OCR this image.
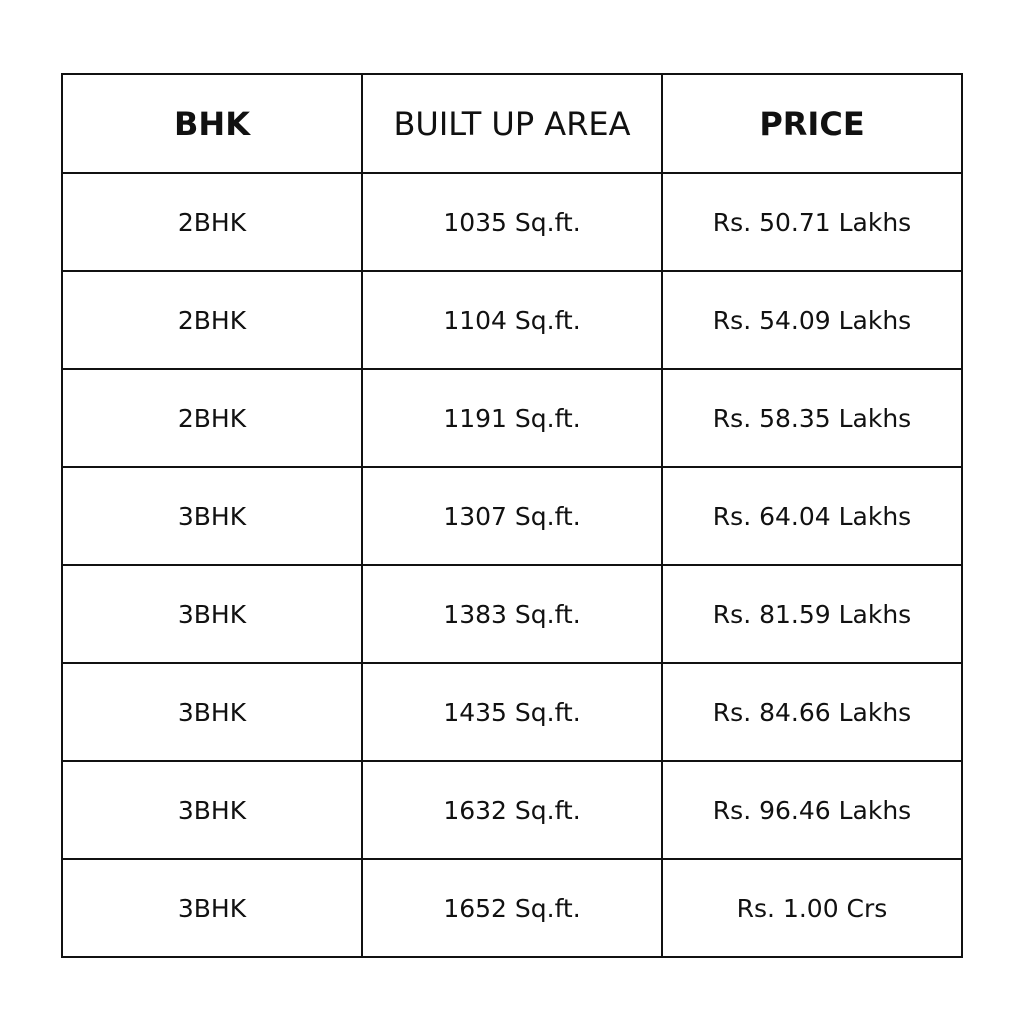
BHK	BUILT UP AREA	PRICE
2BHK	1035 Sq.ft.	Rs. 50.71 Lakhs
2BHK	1104 Sq.ft.	Rs. 54.09 Lakhs
2BHK	1191 Sq.ft.	Rs. 58.35 Lakhs
3BHK	1307 Sq.ft.	Rs. 64.04 Lakhs
3BHK	1383 Sq.ft.	Rs. 81.59 Lakhs
3BHK	1435 Sq.ft.	Rs. 84.66 Lakhs
3BHK	1632 Sq.ft.	Rs. 96.46 Lakhs
3BHK	1652 Sq.ft.	Rs. 1.00 Crs
